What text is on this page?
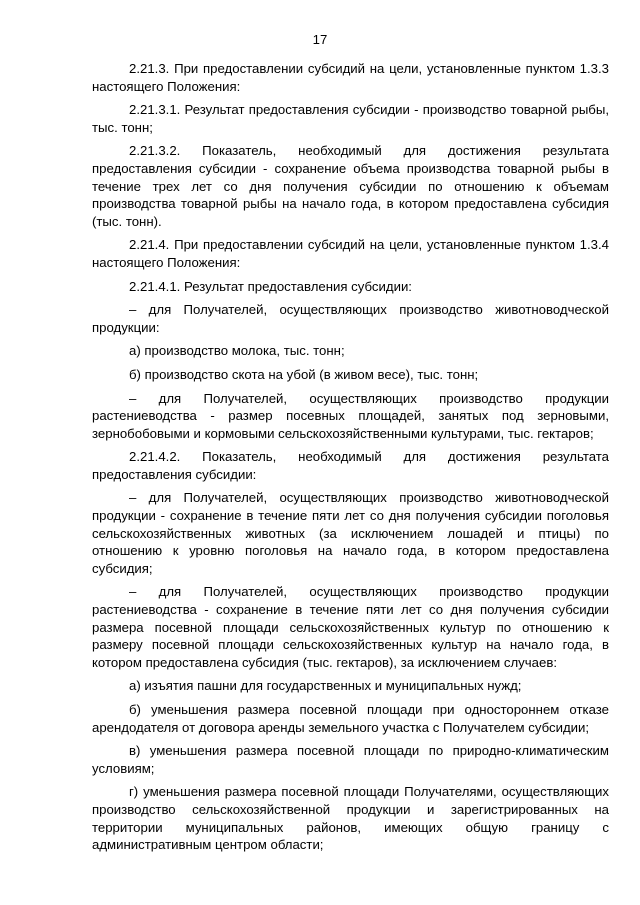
17

2.21.3. При предоставлении субсидий на цели, установленные пунктом 1.3.3 настоящего Положения:

2.21.3.1. Результат предоставления субсидии - производство товарной рыбы, тыс. тонн;

2.21.3.2. Показатель, необходимый для достижения результата предоставления субсидии - сохранение объема производства товарной рыбы в течение трех лет со дня получения субсидии по отношению к объемам производства товарной рыбы на начало года, в котором предоставлена субсидия (тыс. тонн).

2.21.4. При предоставлении субсидий на цели, установленные пунктом 1.3.4 настоящего Положения:

2.21.4.1. Результат предоставления субсидии:

– для Получателей, осуществляющих производство животноводческой продукции:

а) производство молока, тыс. тонн;

б) производство скота на убой (в живом весе), тыс. тонн;

– для Получателей, осуществляющих производство продукции растениеводства - размер посевных площадей, занятых под зерновыми, зернобобовыми и кормовыми сельскохозяйственными культурами, тыс. гектаров;

2.21.4.2. Показатель, необходимый для достижения результата предоставления субсидии:

– для Получателей, осуществляющих производство животноводческой продукции - сохранение в течение пяти лет со дня получения субсидии поголовья сельскохозяйственных животных (за исключением лошадей и птицы) по отношению к уровню поголовья на начало года, в котором предоставлена субсидия;

– для Получателей, осуществляющих производство продукции растениеводства - сохранение в течение пяти лет со дня получения субсидии размера посевной площади сельскохозяйственных культур по отношению к размеру посевной площади сельскохозяйственных культур на начало года, в котором предоставлена субсидия (тыс. гектаров), за исключением случаев:

а) изъятия пашни для государственных и муниципальных нужд;

б) уменьшения размера посевной площади при одностороннем отказе арендодателя от договора аренды земельного участка с Получателем субсидии;

в) уменьшения размера посевной площади по природно-климатическим условиям;

г) уменьшения размера посевной площади Получателями, осуществляющих производство сельскохозяйственной продукции и зарегистрированных на территории муниципальных районов, имеющих общую границу с административным центром области;
